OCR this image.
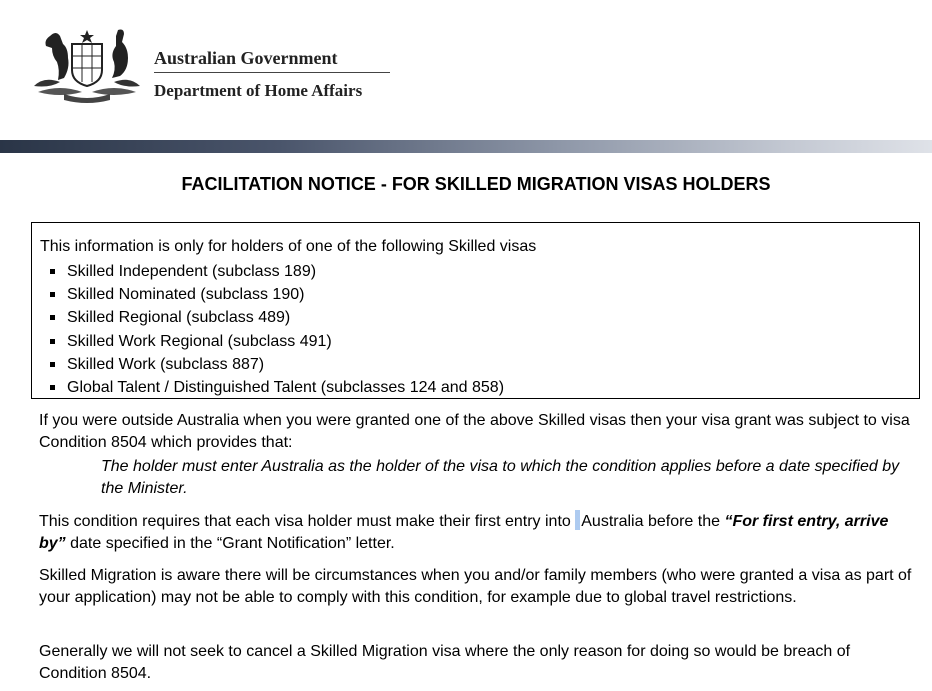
Australian Government
Department of Home Affairs
FACILITATION NOTICE - FOR SKILLED MIGRATION VISAS HOLDERS
This information is only for holders of one of the following Skilled visas
Skilled Independent (subclass 189)
Skilled Nominated (subclass 190)
Skilled Regional (subclass 489)
Skilled Work Regional (subclass 491)
Skilled Work (subclass 887)
Global Talent / Distinguished Talent (subclasses 124 and 858)

If you were outside Australia when you were granted one of the above Skilled visas then your visa grant was subject to visa Condition 8504 which provides that:

The holder must enter Australia as the holder of the visa to which the condition applies before a date specified by the Minister.

This condition requires that each visa holder must make their first entry into Australia before the “For first entry, arrive by” date specified in the “Grant Notification” letter.

Skilled Migration is aware there will be circumstances when you and/or family members (who were granted a visa as part of your application) may not be able to comply with this condition, for example due to global travel restrictions.

Generally we will not seek to cancel a Skilled Migration visa where the only reason for doing so would be breach of Condition 8504.
